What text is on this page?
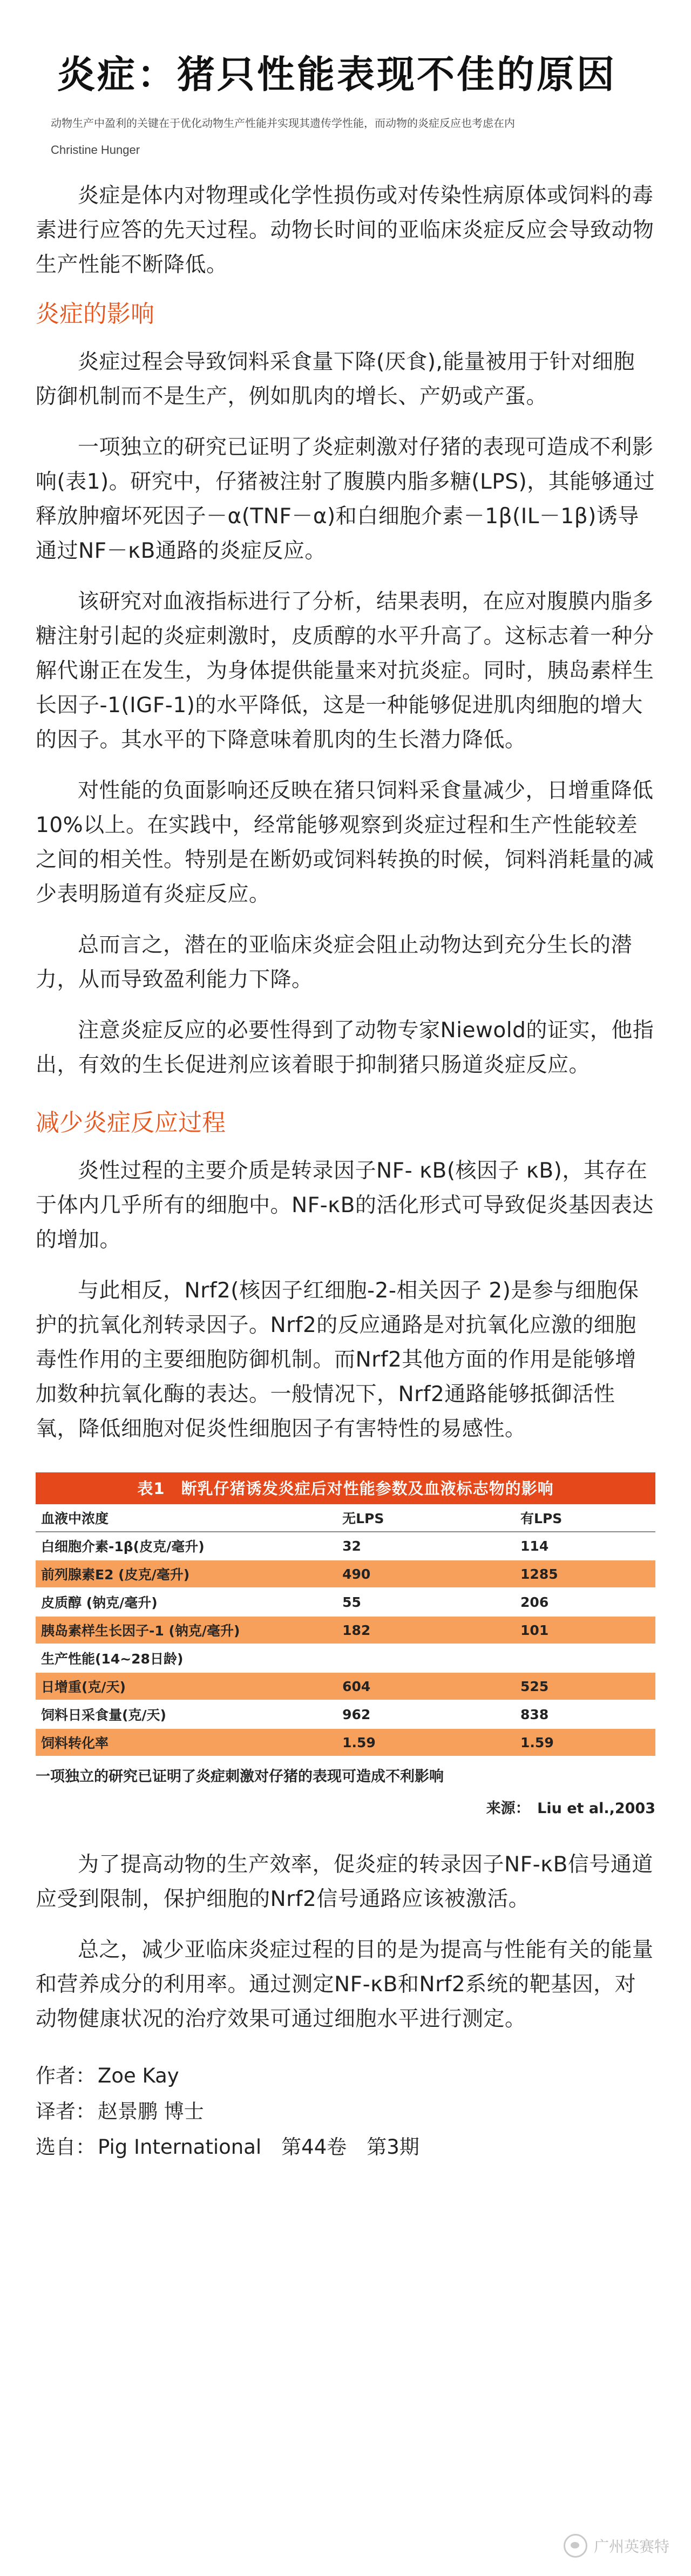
炎症：猪只性能表现不佳的原因
动物生产中盈利的关键在于优化动物生产性能并实现其遗传学性能，而动物的炎症反应也考虑在内
Christine Hunger

炎症是体内对物理或化学性损伤或对传染性病原体或饲料的毒素进行应答的先天过程。动物长时间的亚临床炎症反应会导致动物生产性能不断降低。

炎症的影响

炎症过程会导致饲料采食量下降(厌食),能量被用于针对细胞防御机制而不是生产，例如肌肉的增长、产奶或产蛋。

一项独立的研究已证明了炎症刺激对仔猪的表现可造成不利影响(表1)。研究中，仔猪被注射了腹膜内脂多糖(LPS)，其能够通过释放肿瘤坏死因子－α(TNF－α)和白细胞介素－1β(IL－1β)诱导通过NF－κB通路的炎症反应。

该研究对血液指标进行了分析，结果表明，在应对腹膜内脂多糖注射引起的炎症刺激时，皮质醇的水平升高了。这标志着一种分解代谢正在发生，为身体提供能量来对抗炎症。同时，胰岛素样生长因子-1(IGF-1)的水平降低，这是一种能够促进肌肉细胞的增大的因子。其水平的下降意味着肌肉的生长潜力降低。

对性能的负面影响还反映在猪只饲料采食量减少，日增重降低10%以上。在实践中，经常能够观察到炎症过程和生产性能较差之间的相关性。特别是在断奶或饲料转换的时候，饲料消耗量的减少表明肠道有炎症反应。

总而言之，潜在的亚临床炎症会阻止动物达到充分生长的潜力，从而导致盈利能力下降。

注意炎症反应的必要性得到了动物专家Niewold的证实，他指出，有效的生长促进剂应该着眼于抑制猪只肠道炎症反应。

减少炎症反应过程

炎性过程的主要介质是转录因子NF- κB(核因子 κB)，其存在于体内几乎所有的细胞中。NF-κB的活化形式可导致促炎基因表达的增加。

与此相反，Nrf2(核因子红细胞-2-相关因子 2)是参与细胞保护的抗氧化剂转录因子。Nrf2的反应通路是对抗氧化应激的细胞毒性作用的主要细胞防御机制。而Nrf2其他方面的作用是能够增加数种抗氧化酶的表达。一般情况下，Nrf2通路能够抵御活性氧，降低细胞对促炎性细胞因子有害特性的易感性。

表1　断乳仔猪诱发炎症后对性能参数及血液标志物的影响
血液中浓度	无LPS	有LPS
白细胞介素-1β(皮克/毫升)	32	114
前列腺素E2 (皮克/毫升)	490	1285
皮质醇 (钠克/毫升)	55	206
胰岛素样生长因子-1 (钠克/毫升)	182	101
生产性能(14~28日龄)		
日增重(克/天)	604	525
饲料日采食量(克/天)	962	838
饲料转化率	1.59	1.59
一项独立的研究已证明了炎症刺激对仔猪的表现可造成不利影响
来源：　Liu et al.,2003

为了提高动物的生产效率，促炎症的转录因子NF-κB信号通道应受到限制，保护细胞的Nrf2信号通路应该被激活。

总之，减少亚临床炎症过程的目的是为提高与性能有关的能量和营养成分的利用率。通过测定NF-κB和Nrf2系统的靶基因，对动物健康状况的治疗效果可通过细胞水平进行测定。

作者： Zoe Kay
译者： 赵景鹏 博士
选自： Pig International　第44卷　第3期
广州英赛特
